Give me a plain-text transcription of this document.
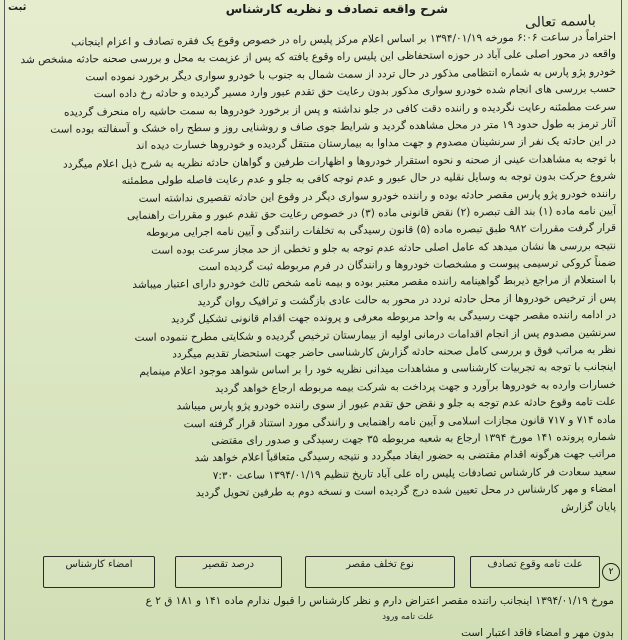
شرح واقعه تصادف و نظریه کارشناس
ثبت
باسمه تعالی
احتراماً در ساعت ۶:۰۶ مورخه ۱۳۹۴/۰۱/۱۹ بر اساس اعلام مرکز پلیس راه در خصوص وقوع یک فقره تصادف و اعزام اینجانب
واقعه در محور اصلی علی آباد در حوزه استحفاظی این پلیس راه وقوع یافته که پس از عزیمت به محل و بررسی صحنه حادثه مشخص شد
خودرو پژو پارس به شماره انتظامی مذکور در حال تردد از سمت شمال به جنوب با خودرو سواری دیگر برخورد نموده است
حسب بررسی های انجام شده خودرو سواری مذکور بدون رعایت حق تقدم عبور وارد مسیر گردیده و حادثه رخ داده است
سرعت مطمئنه رعایت نگردیده و راننده دقت کافی در جلو نداشته و پس از برخورد خودروها به سمت حاشیه راه منحرف گردیده
آثار ترمز به طول حدود ۱۹ متر در محل مشاهده گردید و شرایط جوی صاف و روشنایی روز و سطح راه خشک و آسفالته بوده است
در این حادثه یک نفر از سرنشینان مصدوم و جهت مداوا به بیمارستان منتقل گردیده و خودروها خسارت دیده اند
با توجه به مشاهدات عینی از صحنه و نحوه استقرار خودروها و اظهارات طرفین و گواهان حادثه نظریه به شرح ذیل اعلام میگردد
شروع حرکت بدون توجه به وسایل نقلیه در حال عبور و عدم توجه کافی به جلو و عدم رعایت فاصله طولی مطمئنه
راننده خودرو پژو پارس مقصر حادثه بوده و راننده خودرو سواری دیگر در وقوع این حادثه تقصیری نداشته است
آیین نامه ماده (۱) بند الف تبصره (۲) نقض قانونی ماده (۳) در خصوص رعایت حق تقدم عبور و مقررات راهنمایی
قرار گرفت مقررات ۹۸۲ طبق تبصره ماده (۵) قانون رسیدگی به تخلفات رانندگی و آیین نامه اجرایی مربوطه
نتیجه بررسی ها نشان میدهد که عامل اصلی حادثه عدم توجه به جلو و تخطی از حد مجاز سرعت بوده است
ضمناً کروکی ترسیمی پیوست و مشخصات خودروها و رانندگان در فرم مربوطه ثبت گردیده است
با استعلام از مراجع ذیربط گواهینامه راننده مقصر معتبر بوده و بیمه نامه شخص ثالث خودرو دارای اعتبار میباشد
پس از ترخیص خودروها از محل حادثه تردد در محور به حالت عادی بازگشت و ترافیک روان گردید
در ادامه راننده مقصر جهت رسیدگی به واحد مربوطه معرفی و پرونده جهت اقدام قانونی تشکیل گردید
سرنشین مصدوم پس از انجام اقدامات درمانی اولیه از بیمارستان ترخیص گردیده و شکایتی مطرح ننموده است
نظر به مراتب فوق و بررسی کامل صحنه حادثه گزارش کارشناسی حاضر جهت استحضار تقدیم میگردد
اینجانب با توجه به تجربیات کارشناسی و مشاهدات میدانی نظریه خود را بر اساس شواهد موجود اعلام مینمایم
خسارات وارده به خودروها برآورد و جهت پرداخت به شرکت بیمه مربوطه ارجاع خواهد گردید
علت تامه وقوع حادثه عدم توجه به جلو و نقض حق تقدم عبور از سوی راننده خودرو پژو پارس میباشد
ماده ۷۱۴ و ۷۱۷ قانون مجازات اسلامی و آیین نامه راهنمایی و رانندگی مورد استناد قرار گرفته است
شماره پرونده ۱۴۱ مورخ ۱۳۹۴ ارجاع به شعبه مربوطه ۳۵ جهت رسیدگی و صدور رای مقتضی
مراتب جهت هرگونه اقدام مقتضی به حضور ایفاد میگردد و نتیجه رسیدگی متعاقباً اعلام خواهد شد
سعید سعادت فر کارشناس تصادفات پلیس راه علی آباد تاریخ تنظیم ۱۳۹۴/۰۱/۱۹ ساعت ۷:۳۰
امضاء و مهر کارشناس در محل تعیین شده درج گردیده است و نسخه دوم به طرفین تحویل گردید
پایان گزارش
۲
علت تامه وقوع تصادف
نوع تخلف مقصر
درصد تقصیر
امضاء کارشناس
مورخ ۱۳۹۴/۰۱/۱۹ اینجانب راننده مقصر اعتراض دارم و نظر کارشناس را قبول ندارم ماده ۱۴۱ و ۱۸۱ ق ۲ ع
علت تامه ورود
بدون مهر و امضاء فاقد اعتبار است
